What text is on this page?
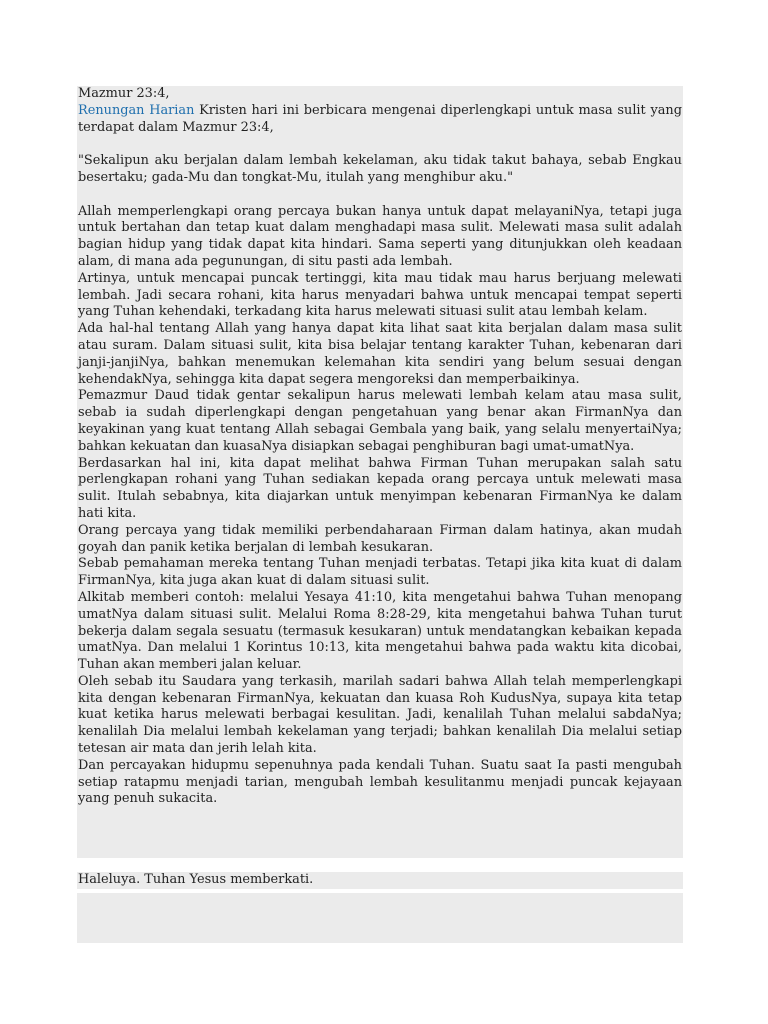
Mazmur 23:4,

Renungan Harian Kristen hari ini berbicara mengenai diperlengkapi untuk masa sulit yang terdapat dalam Mazmur 23:4,

"Sekalipun aku berjalan dalam lembah kekelaman, aku tidak takut bahaya, sebab Engkau besertaku; gada-Mu dan tongkat-Mu, itulah yang menghibur aku."

Allah memperlengkapi orang percaya bukan hanya untuk dapat melayaniNya, tetapi juga untuk bertahan dan tetap kuat dalam menghadapi masa sulit. Melewati masa sulit adalah bagian hidup yang tidak dapat kita hindari. Sama seperti yang ditunjukkan oleh keadaan alam, di mana ada pegunungan, di situ pasti ada lembah.

Artinya, untuk mencapai puncak tertinggi, kita mau tidak mau harus berjuang melewati lembah. Jadi secara rohani, kita harus menyadari bahwa untuk mencapai tempat seperti yang Tuhan kehendaki, terkadang kita harus melewati situasi sulit atau lembah kelam.

Ada hal-hal tentang Allah yang hanya dapat kita lihat saat kita berjalan dalam masa sulit atau suram. Dalam situasi sulit, kita bisa belajar tentang karakter Tuhan, kebenaran dari janji-janjiNya, bahkan menemukan kelemahan kita sendiri yang belum sesuai dengan kehendakNya, sehingga kita dapat segera mengoreksi dan memperbaikinya.

Pemazmur Daud tidak gentar sekalipun harus melewati lembah kelam atau masa sulit, sebab ia sudah diperlengkapi dengan pengetahuan yang benar akan FirmanNya dan keyakinan yang kuat tentang Allah sebagai Gembala yang baik, yang selalu menyertaiNya; bahkan kekuatan dan kuasaNya disiapkan sebagai penghiburan bagi umat-umatNya.

Berdasarkan hal ini, kita dapat melihat bahwa Firman Tuhan merupakan salah satu perlengkapan rohani yang Tuhan sediakan kepada orang percaya untuk melewati masa sulit. Itulah sebabnya, kita diajarkan untuk menyimpan kebenaran FirmanNya ke dalam hati kita.

Orang percaya yang tidak memiliki perbendaharaan Firman dalam hatinya, akan mudah goyah dan panik ketika berjalan di lembah kesukaran.

Sebab pemahaman mereka tentang Tuhan menjadi terbatas. Tetapi jika kita kuat di dalam FirmanNya, kita juga akan kuat di dalam situasi sulit.

Alkitab memberi contoh: melalui Yesaya 41:10, kita mengetahui bahwa Tuhan menopang umatNya dalam situasi sulit. Melalui Roma 8:28-29, kita mengetahui bahwa Tuhan turut bekerja dalam segala sesuatu (termasuk kesukaran) untuk mendatangkan kebaikan kepada umatNya. Dan melalui 1 Korintus 10:13, kita mengetahui bahwa pada waktu kita dicobai, Tuhan akan memberi jalan keluar.

Oleh sebab itu Saudara yang terkasih, marilah sadari bahwa Allah telah memperlengkapi kita dengan kebenaran FirmanNya, kekuatan dan kuasa Roh KudusNya, supaya kita tetap kuat ketika harus melewati berbagai kesulitan. Jadi, kenalilah Tuhan melalui sabdaNya; kenalilah Dia melalui lembah kekelaman yang terjadi; bahkan kenalilah Dia melalui setiap tetesan air mata dan jerih lelah kita.

Dan percayakan hidupmu sepenuhnya pada kendali Tuhan. Suatu saat Ia pasti mengubah setiap ratapmu menjadi tarian, mengubah lembah kesulitanmu menjadi puncak kejayaan yang penuh sukacita.

Haleluya. Tuhan Yesus memberkati.
